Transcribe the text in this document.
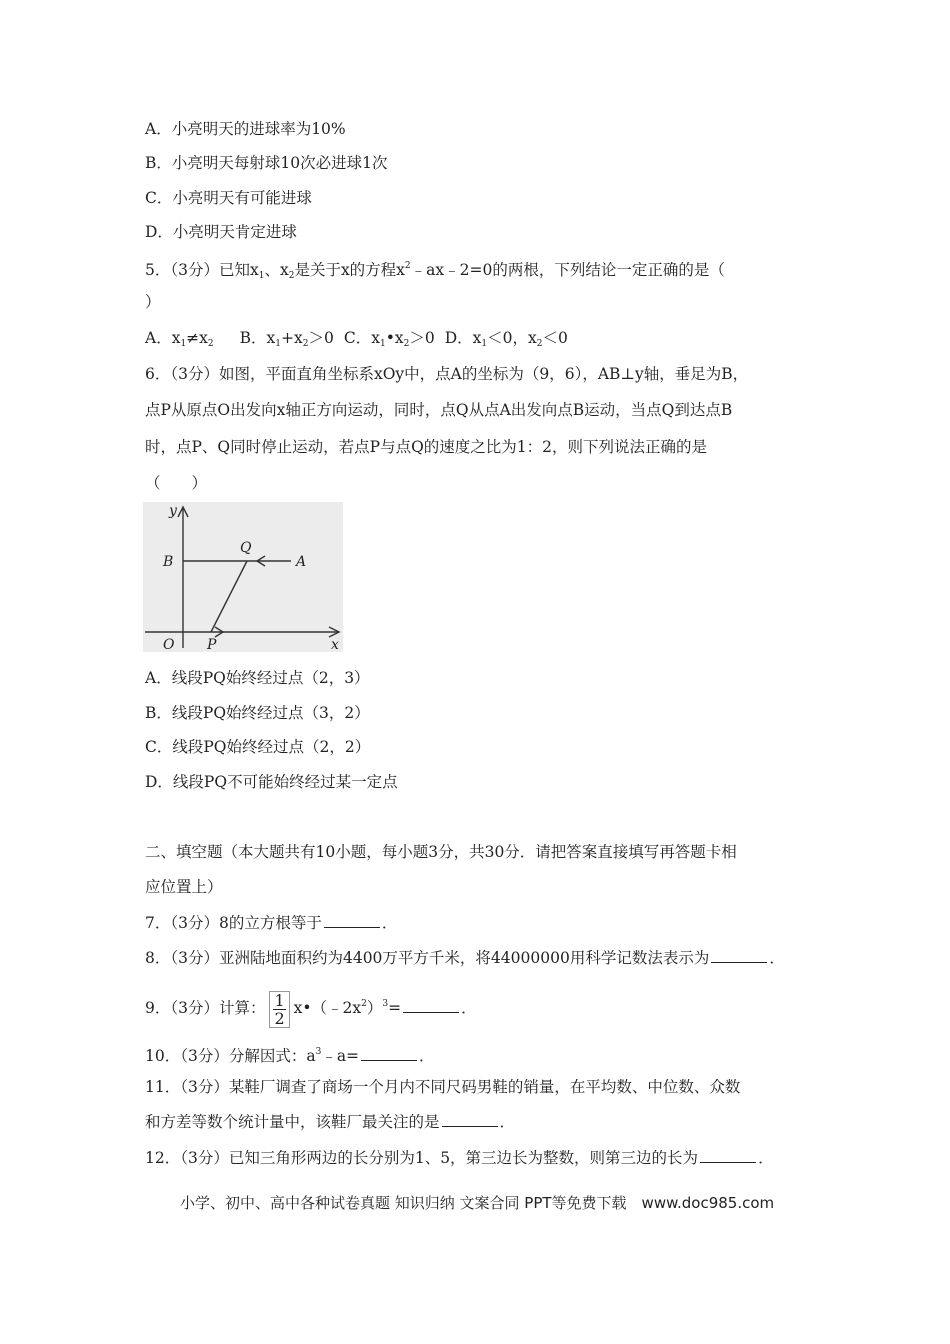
A．小亮明天的进球率为10%
B．小亮明天每射球10次必进球1次
C．小亮明天有可能进球
D．小亮明天肯定进球
5．（3分）已知$x_1$、$x_2$是关于x的方程$x^2﹣ax﹣2=0$的两根，下列结论一定正确的是（
）
A．$x_1\ne x_2$ B．$x_1+x_2>0$ C．$x_1•x_2>0$ D．$x_1<0$，$x_2<0$
6．（3分）如图，平面直角坐标系xOy中，点A的坐标为（9，6），AB⊥y轴，垂足为B，
点P从原点O出发向x轴正方向运动，同时，点Q从点A出发向点B运动，当点Q到达点B
时，点P、Q同时停止运动，若点P与点Q的速度之比为1：2，则下列说法正确的是
（　　）
y
x
O
B
Q
A
P
A．线段PQ始终经过点（2，3）
B．线段PQ始终经过点（3，2）
C．线段PQ始终经过点（2，2）
D．线段PQ不可能始终经过某一定点
二、填空题（本大题共有10小题，每小题3分，共30分．请把答案直接填写再答题卡相
应位置上）
7．（3分）8的立方根等于	．
8．（3分）亚洲陆地面积约为4400万平方千米，将44000000用科学记数法表示为	．
9．（3分）计算： $\frac{1}{2}$ $x•(﹣2x^2)^3=$	．
10．（3分）分解因式：$a^3﹣a=$	．
11．（3分）某鞋厂调查了商场一个月内不同尺码男鞋的销量，在平均数、中位数、众数
和方差等数个统计量中，该鞋厂最关注的是	．
12．（3分）已知三角形两边的长分别为1、5，第三边长为整数，则第三边的长为	．
小学、初中、高中各种试卷真题 知识归纳 文案合同 PPT等免费下载　www.doc985.com
